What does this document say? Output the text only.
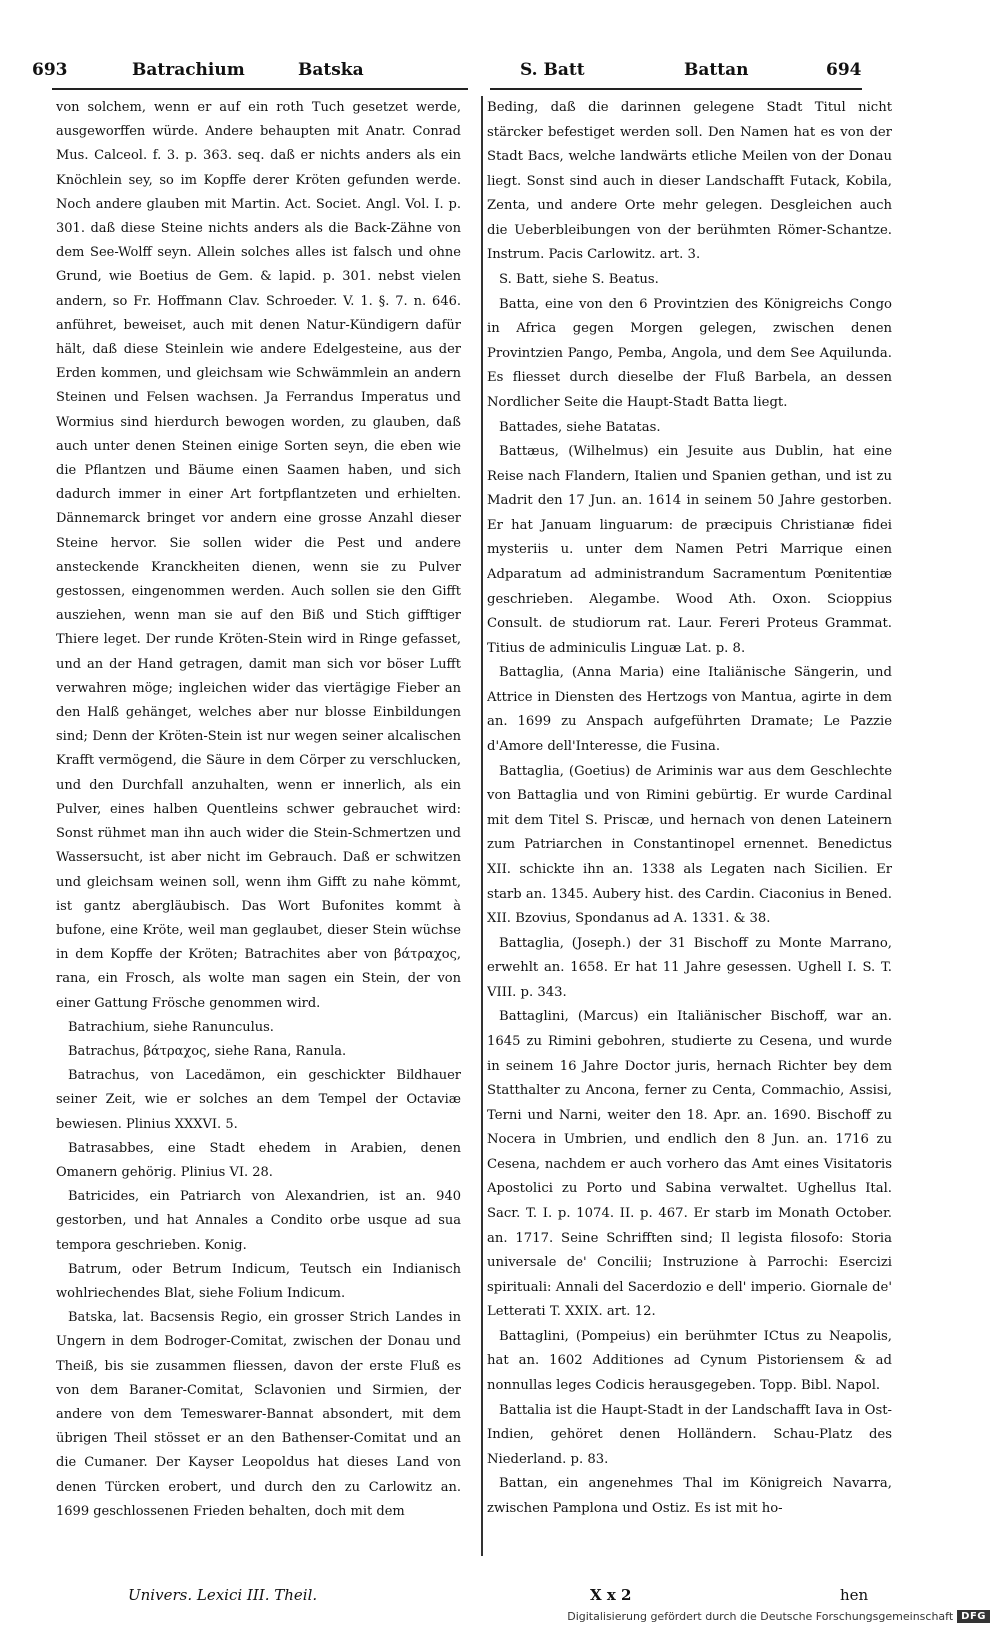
693	Batrachium	Batska	S. Batt	Battan	694

von solchem, wenn er auf ein roth Tuch gesetzet werde, ausgeworffen würde. Andere behaupten mit Anatr. Conrad Mus. Calceol. f. 3. p. 363. seq. daß er nichts anders als ein Knöchlein sey, so im Kopffe derer Kröten gefunden werde. Noch andere glauben mit Martin. Act. Societ. Angl. Vol. I. p. 301. daß diese Steine nichts anders als die Back-Zähne von dem See-Wolff seyn. Allein solches alles ist falsch und ohne Grund, wie Boetius de Gem. & lapid. p. 301. nebst vielen andern, so Fr. Hoffmann Clav. Schroeder. V. 1. §. 7. n. 646. anführet, beweiset, auch mit denen Natur-Kündigern dafür hält, daß diese Steinlein wie andere Edelgesteine, aus der Erden kommen, und gleichsam wie Schwämmlein an andern Steinen und Felsen wachsen. Ja Ferrandus Imperatus und Wormius sind hierdurch bewogen worden, zu glauben, daß auch unter denen Steinen einige Sorten seyn, die eben wie die Pflantzen und Bäume einen Saamen haben, und sich dadurch immer in einer Art fortpflantzeten und erhielten. Dännemarck bringet vor andern eine grosse Anzahl dieser Steine hervor. Sie sollen wider die Pest und andere ansteckende Kranckheiten dienen, wenn sie zu Pulver gestossen, eingenommen werden. Auch sollen sie den Gifft ausziehen, wenn man sie auf den Biß und Stich gifftiger Thiere leget. Der runde Kröten-Stein wird in Ringe gefasset, und an der Hand getragen, damit man sich vor böser Lufft verwahren möge; ingleichen wider das viertägige Fieber an den Halß gehänget, welches aber nur blosse Einbildungen sind; Denn der Kröten-Stein ist nur wegen seiner alcalischen Krafft vermögend, die Säure in dem Cörper zu verschlucken, und den Durchfall anzuhalten, wenn er innerlich, als ein Pulver, eines halben Quentleins schwer gebrauchet wird: Sonst rühmet man ihn auch wider die Stein-Schmertzen und Wassersucht, ist aber nicht im Gebrauch. Daß er schwitzen und gleichsam weinen soll, wenn ihm Gifft zu nahe kömmt, ist gantz abergläubisch. Das Wort Bufonites kommt à bufone, eine Kröte, weil man geglaubet, dieser Stein wüchse in dem Kopffe der Kröten; Batrachites aber von βάτραχος, rana, ein Frosch, als wolte man sagen ein Stein, der von einer Gattung Frösche genommen wird.

Batrachium, siehe Ranunculus.

Batrachus, βάτραχος, siehe Rana, Ranula.

Batrachus, von Lacedämon, ein geschickter Bildhauer seiner Zeit, wie er solches an dem Tempel der Octaviæ bewiesen. Plinius XXXVI. 5.

Batrasabbes, eine Stadt ehedem in Arabien, denen Omanern gehörig. Plinius VI. 28.

Batricides, ein Patriarch von Alexandrien, ist an. 940 gestorben, und hat Annales a Condito orbe usque ad sua tempora geschrieben. Konig.

Batrum, oder Betrum Indicum, Teutsch ein Indianisch wohlriechendes Blat, siehe Folium Indicum.

Batska, lat. Bacsensis Regio, ein grosser Strich Landes in Ungern in dem Bodroger-Comitat, zwischen der Donau und Theiß, bis sie zusammen fliessen, davon der erste Fluß es von dem Baraner-Comitat, Sclavonien und Sirmien, der andere von dem Temeswarer-Bannat absondert, mit dem übrigen Theil stösset er an den Bathenser-Comitat und an die Cumaner. Der Kayser Leopoldus hat dieses Land von denen Türcken erobert, und durch den zu Carlowitz an. 1699 geschlossenen Frieden behalten, doch mit dem

Beding, daß die darinnen gelegene Stadt Titul nicht stärcker befestiget werden soll. Den Namen hat es von der Stadt Bacs, welche landwärts etliche Meilen von der Donau liegt. Sonst sind auch in dieser Landschafft Futack, Kobila, Zenta, und andere Orte mehr gelegen. Desgleichen auch die Ueberbleibungen von der berühmten Römer-Schantze. Instrum. Pacis Carlowitz. art. 3.

S. Batt, siehe S. Beatus.

Batta, eine von den 6 Provintzien des Königreichs Congo in Africa gegen Morgen gelegen, zwischen denen Provintzien Pango, Pemba, Angola, und dem See Aquilunda. Es fliesset durch dieselbe der Fluß Barbela, an dessen Nordlicher Seite die Haupt-Stadt Batta liegt.

Battades, siehe Batatas.

Battæus, (Wilhelmus) ein Jesuite aus Dublin, hat eine Reise nach Flandern, Italien und Spanien gethan, und ist zu Madrit den 17 Jun. an. 1614 in seinem 50 Jahre gestorben. Er hat Januam linguarum: de præcipuis Christianæ fidei mysteriis u. unter dem Namen Petri Marrique einen Adparatum ad administrandum Sacramentum Pœnitentiæ geschrieben. Alegambe. Wood Ath. Oxon. Scioppius Consult. de studiorum rat. Laur. Fereri Proteus Grammat. Titius de adminiculis Linguæ Lat. p. 8.

Battaglia, (Anna Maria) eine Italiänische Sängerin, und Attrice in Diensten des Hertzogs von Mantua, agirte in dem an. 1699 zu Anspach aufgeführten Dramate; Le Pazzie d'Amore dell'Interesse, die Fusina.

Battaglia, (Goetius) de Ariminis war aus dem Geschlechte von Battaglia und von Rimini gebürtig. Er wurde Cardinal mit dem Titel S. Priscæ, und hernach von denen Lateinern zum Patriarchen in Constantinopel ernennet. Benedictus XII. schickte ihn an. 1338 als Legaten nach Sicilien. Er starb an. 1345. Aubery hist. des Cardin. Ciaconius in Bened. XII. Bzovius, Spondanus ad A. 1331. & 38.

Battaglia, (Joseph.) der 31 Bischoff zu Monte Marrano, erwehlt an. 1658. Er hat 11 Jahre gesessen. Ughell I. S. T. VIII. p. 343.

Battaglini, (Marcus) ein Italiänischer Bischoff, war an. 1645 zu Rimini gebohren, studierte zu Cesena, und wurde in seinem 16 Jahre Doctor juris, hernach Richter bey dem Statthalter zu Ancona, ferner zu Centa, Commachio, Assisi, Terni und Narni, weiter den 18. Apr. an. 1690. Bischoff zu Nocera in Umbrien, und endlich den 8 Jun. an. 1716 zu Cesena, nachdem er auch vorhero das Amt eines Visitatoris Apostolici zu Porto und Sabina verwaltet. Ughellus Ital. Sacr. T. I. p. 1074. II. p. 467. Er starb im Monath October. an. 1717. Seine Schrifften sind; Il legista filosofo: Storia universale de' Concilii; Instruzione à Parrochi: Esercizi spirituali: Annali del Sacerdozio e dell' imperio. Giornale de' Letterati T. XXIX. art. 12.

Battaglini, (Pompeius) ein berühmter ICtus zu Neapolis, hat an. 1602 Additiones ad Cynum Pistoriensem & ad nonnullas leges Codicis herausgegeben. Topp. Bibl. Napol.

Battalia ist die Haupt-Stadt in der Landschafft Iava in Ost-Indien, gehöret denen Holländern. Schau-Platz des Niederland. p. 83.

Battan, ein angenehmes Thal im Königreich Navarra, zwischen Pamplona und Ostiz. Es ist mit ho-

Univers. Lexici III. Theil.	X x 2	hen
Digitalisierung gefördert durch die Deutsche Forschungsgemeinschaft DFG
